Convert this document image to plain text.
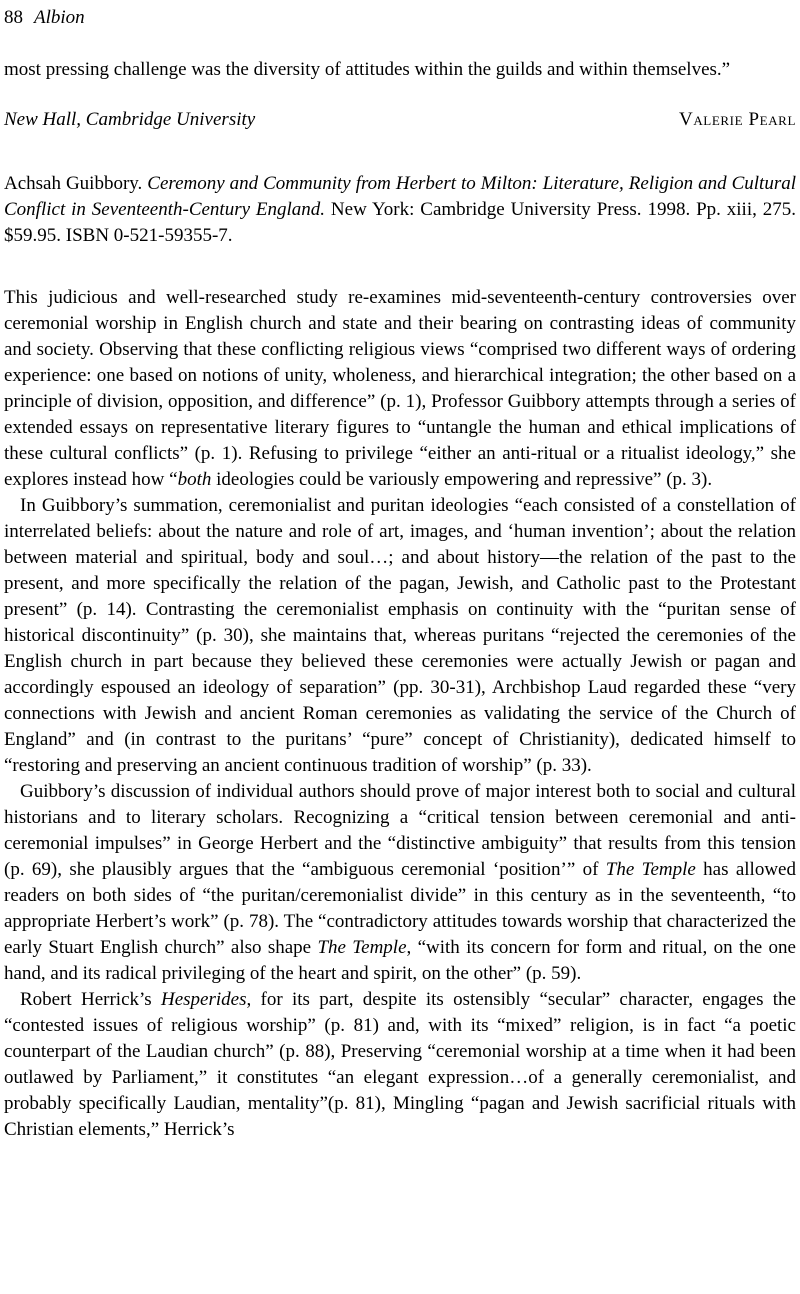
88 Albion

most pressing challenge was the diversity of attitudes within the guilds and within themselves.”

New Hall, Cambridge University	Valerie Pearl

Achsah Guibbory. Ceremony and Community from Herbert to Milton: Literature, Religion and Cultural Conflict in Seventeenth-Century England. New York: Cambridge University Press. 1998. Pp. xiii, 275. $59.95. ISBN 0-521-59355-7.

This judicious and well-researched study re-examines mid-seventeenth-century controversies over ceremonial worship in English church and state and their bearing on contrasting ideas of community and society. Observing that these conflicting religious views “comprised two different ways of ordering experience: one based on notions of unity, wholeness, and hierarchical integration; the other based on a principle of division, opposition, and difference” (p. 1), Professor Guibbory attempts through a series of extended essays on representative literary figures to “untangle the human and ethical implications of these cultural conflicts” (p. 1). Refusing to privilege “either an anti-ritual or a ritualist ideology,” she explores instead how “both ideologies could be variously empowering and repressive” (p. 3).

In Guibbory’s summation, ceremonialist and puritan ideologies “each consisted of a constellation of interrelated beliefs: about the nature and role of art, images, and ‘human invention’; about the relation between material and spiritual, body and soul…; and about history—the relation of the past to the present, and more specifically the relation of the pagan, Jewish, and Catholic past to the Protestant present” (p. 14). Contrasting the ceremonialist emphasis on continuity with the “puritan sense of historical discontinuity” (p. 30), she maintains that, whereas puritans “rejected the ceremonies of the English church in part because they believed these ceremonies were actually Jewish or pagan and accordingly espoused an ideology of separation” (pp. 30-31), Archbishop Laud regarded these “very connections with Jewish and ancient Roman ceremonies as validating the service of the Church of England” and (in contrast to the puritans’ “pure” concept of Christianity), dedicated himself to “restoring and preserving an ancient continuous tradition of worship” (p. 33).

Guibbory’s discussion of individual authors should prove of major interest both to social and cultural historians and to literary scholars. Recognizing a “critical tension between ceremonial and anti-ceremonial impulses” in George Herbert and the “distinctive ambiguity” that results from this tension (p. 69), she plausibly argues that the “ambiguous ceremonial ‘position’” of The Temple has allowed readers on both sides of “the puritan/ceremonialist divide” in this century as in the seventeenth, “to appropriate Herbert’s work” (p. 78). The “contradictory attitudes towards worship that characterized the early Stuart English church” also shape The Temple, “with its concern for form and ritual, on the one hand, and its radical privileging of the heart and spirit, on the other” (p. 59).

Robert Herrick’s Hesperides, for its part, despite its ostensibly “secular” character, engages the “contested issues of religious worship” (p. 81) and, with its “mixed” religion, is in fact “a poetic counterpart of the Laudian church” (p. 88), Preserving “ceremonial worship at a time when it had been outlawed by Parliament,” it constitutes “an elegant expression…of a generally ceremonialist, and probably specifically Laudian, mentality”(p. 81), Mingling “pagan and Jewish sacrificial rituals with Christian elements,” Herrick’s
